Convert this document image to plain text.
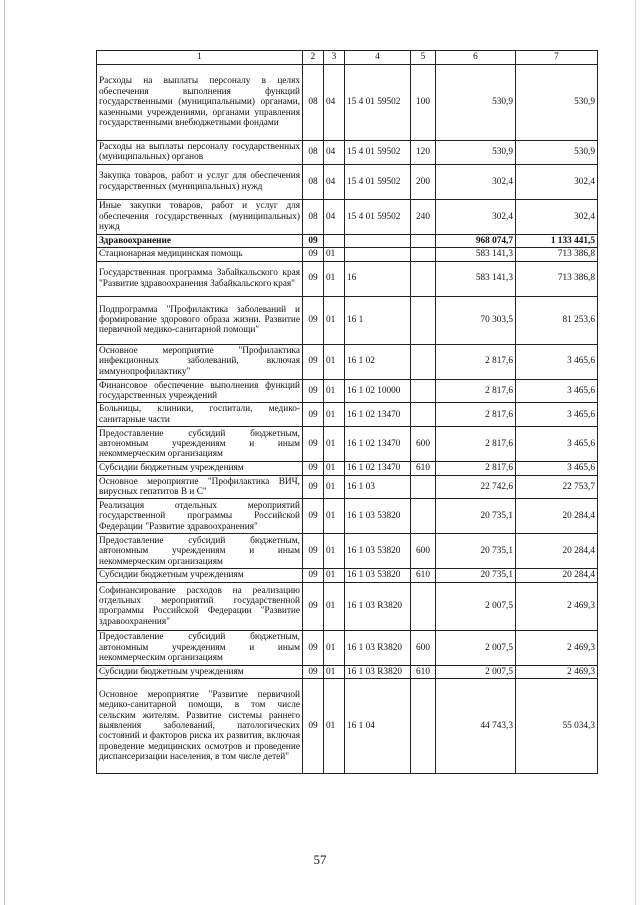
1	2	3	4	5	6	7
Расходы на выплаты персоналу в целях обеспечения выполнения функций государственными (муниципальными) органами, казенными учреждениями, органами управления государственными внебюджетными фондами	08	04	15 4 01 59502	100	530,9	530,9
Расходы на выплаты персоналу государственных (муниципальных) органов	08	04	15 4 01 59502	120	530,9	530,9
Закупка товаров, работ и услуг для обеспечения государственных (муниципальных) нужд	08	04	15 4 01 59502	200	302,4	302,4
Иные закупки товаров, работ и услуг для обеспечения государственных (муниципальных) нужд	08	04	15 4 01 59502	240	302,4	302,4
Здравоохранение	09				968 074,7	1 133 441,5
Стационарная медицинская помощь	09	01			583 141,3	713 386,8
Государственная программа Забайкальского края "Развитие здравоохранения Забайкальского края"	09	01	16		583 141,3	713 386,8
Подпрограмма "Профилактика заболеваний и формирование здорового образа жизни. Развитие первичной медико-санитарной помощи"	09	01	16 1		70 303,5	81 253,6
Основное мероприятие "Профилактика инфекционных заболеваний, включая иммунопрофилактику"	09	01	16 1 02		2 817,6	3 465,6
Финансовое обеспечение выполнения функций государственных учреждений	09	01	16 1 02 10000		2 817,6	3 465,6
Больницы, клиники, госпитали, медико-санитарные части	09	01	16 1 02 13470		2 817,6	3 465,6
Предоставление субсидий бюджетным, автономным учреждениям и иным некоммерческим организациям	09	01	16 1 02 13470	600	2 817,6	3 465,6
Субсидии бюджетным учреждениям	09	01	16 1 02 13470	610	2 817,6	3 465,6
Основное мероприятие "Профилактика ВИЧ, вирусных гепатитов В и С"	09	01	16 1 03		22 742,6	22 753,7
Реализация отдельных мероприятий государственной программы Российской Федерации "Развитие здравоохранения"	09	01	16 1 03 53820		20 735,1	20 284,4
Предоставление субсидий бюджетным, автономным учреждениям и иным некоммерческим организациям	09	01	16 1 03 53820	600	20 735,1	20 284,4
Субсидии бюджетным учреждениям	09	01	16 1 03 53820	610	20 735,1	20 284,4
Софинансирование расходов на реализацию отдельных мероприятий государственной программы Российской Федерации "Развитие здравоохранения"	09	01	16 1 03 R3820		2 007,5	2 469,3
Предоставление субсидий бюджетным, автономным учреждениям и иным некоммерческим организациям	09	01	16 1 03 R3820	600	2 007,5	2 469,3
Субсидии бюджетным учреждениям	09	01	16 1 03 R3820	610	2 007,5	2 469,3
Основное мероприятие "Развитие первичной медико-санитарной помощи, в том числе сельским жителям. Развитие системы раннего выявления заболеваний, патологических состояний и факторов риска их развития, включая проведение медицинских осмотров и проведение диспансеризации населения, в том числе детей"	09	01	16 1 04		44 743,3	55 034,3
57
